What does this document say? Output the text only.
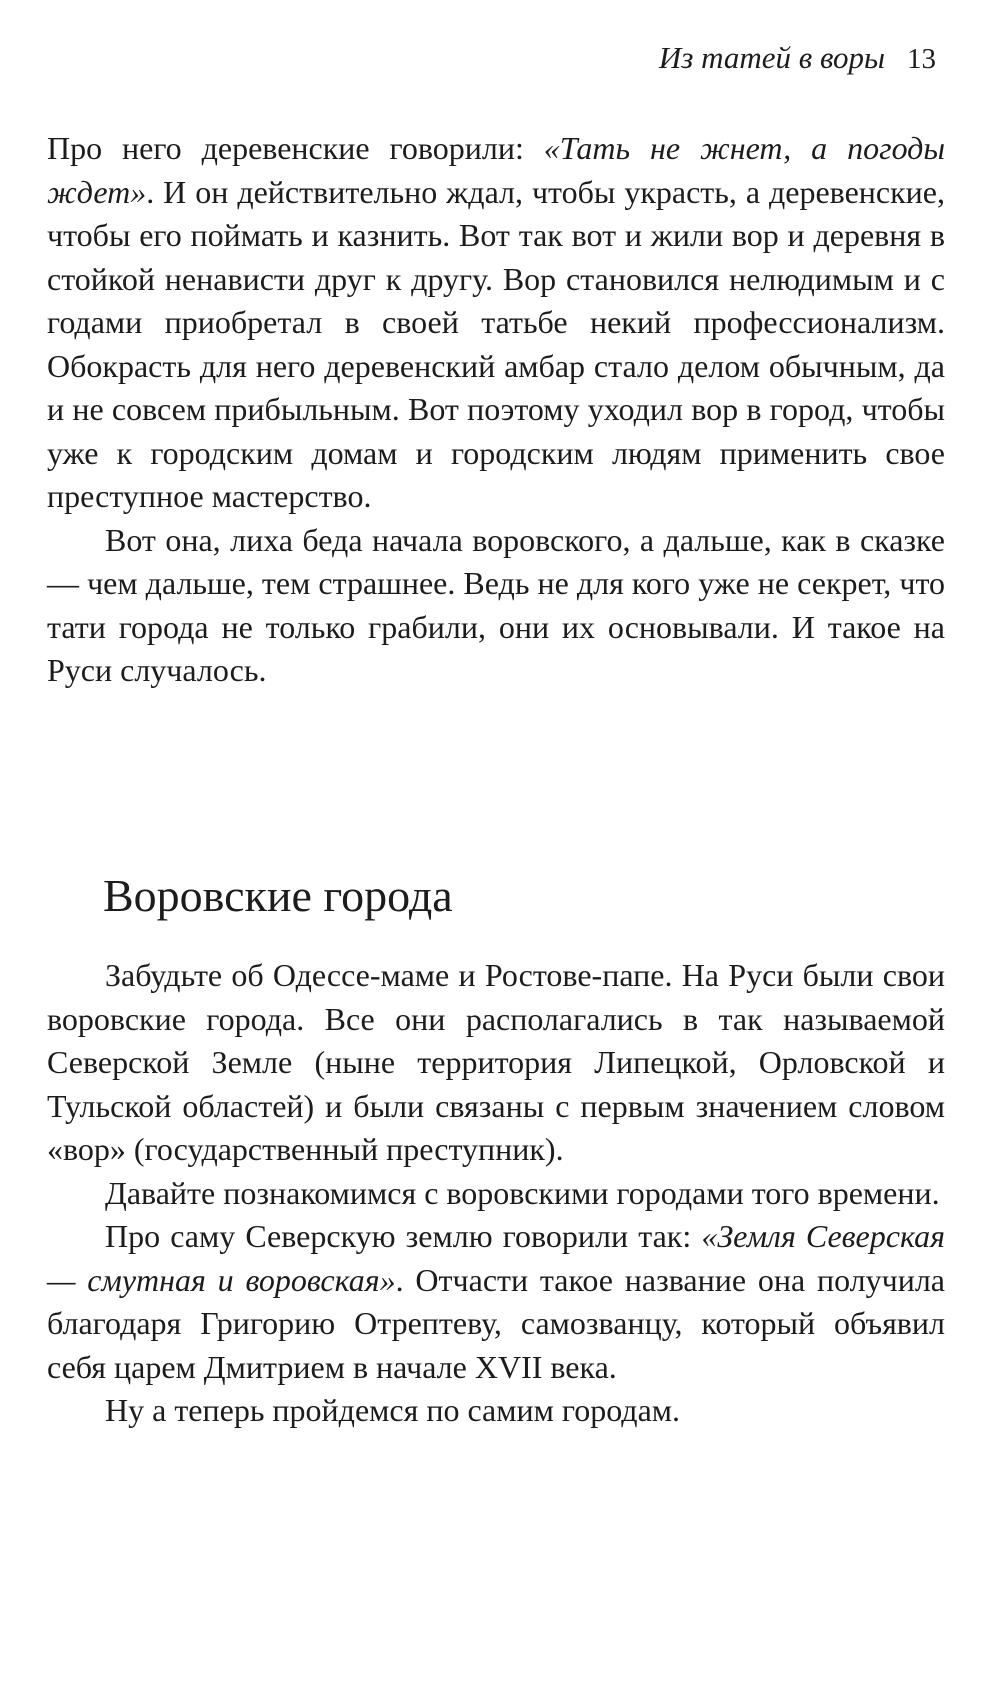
Из татей в воры 13

Про него деревенские говорили: «Тать не жнет, а погоды ждет». И он действительно ждал, чтобы украсть, а деревенские, чтобы его поймать и казнить. Вот так вот и жили вор и деревня в стойкой ненависти друг к другу. Вор становился нелюдимым и с годами приобретал в своей татьбе некий профессионализм. Обокрасть для него деревенский амбар стало делом обычным, да и не совсем прибыльным. Вот поэтому уходил вор в город, чтобы уже к городским домам и городским людям применить свое преступное мастерство.

Вот она, лиха беда начала воровского, а дальше, как в сказке — чем дальше, тем страшнее. Ведь не для кого уже не секрет, что тати города не только грабили, они их основывали. И такое на Руси случалось.

Воровские города

Забудьте об Одессе-маме и Ростове-папе. На Руси были свои воровские города. Все они располагались в так называемой Северской Земле (ныне территория Липецкой, Орловской и Тульской областей) и были связаны с первым значением словом «вор» (государственный преступник).

Давайте познакомимся с воровскими городами того времени.

Про саму Северскую землю говорили так: «Земля Северская — смутная и воровская». Отчасти такое название она получила благодаря Григорию Отрептеву, самозванцу, который объявил себя царем Дмитрием в начале XVII века.

Ну а теперь пройдемся по самим городам.
